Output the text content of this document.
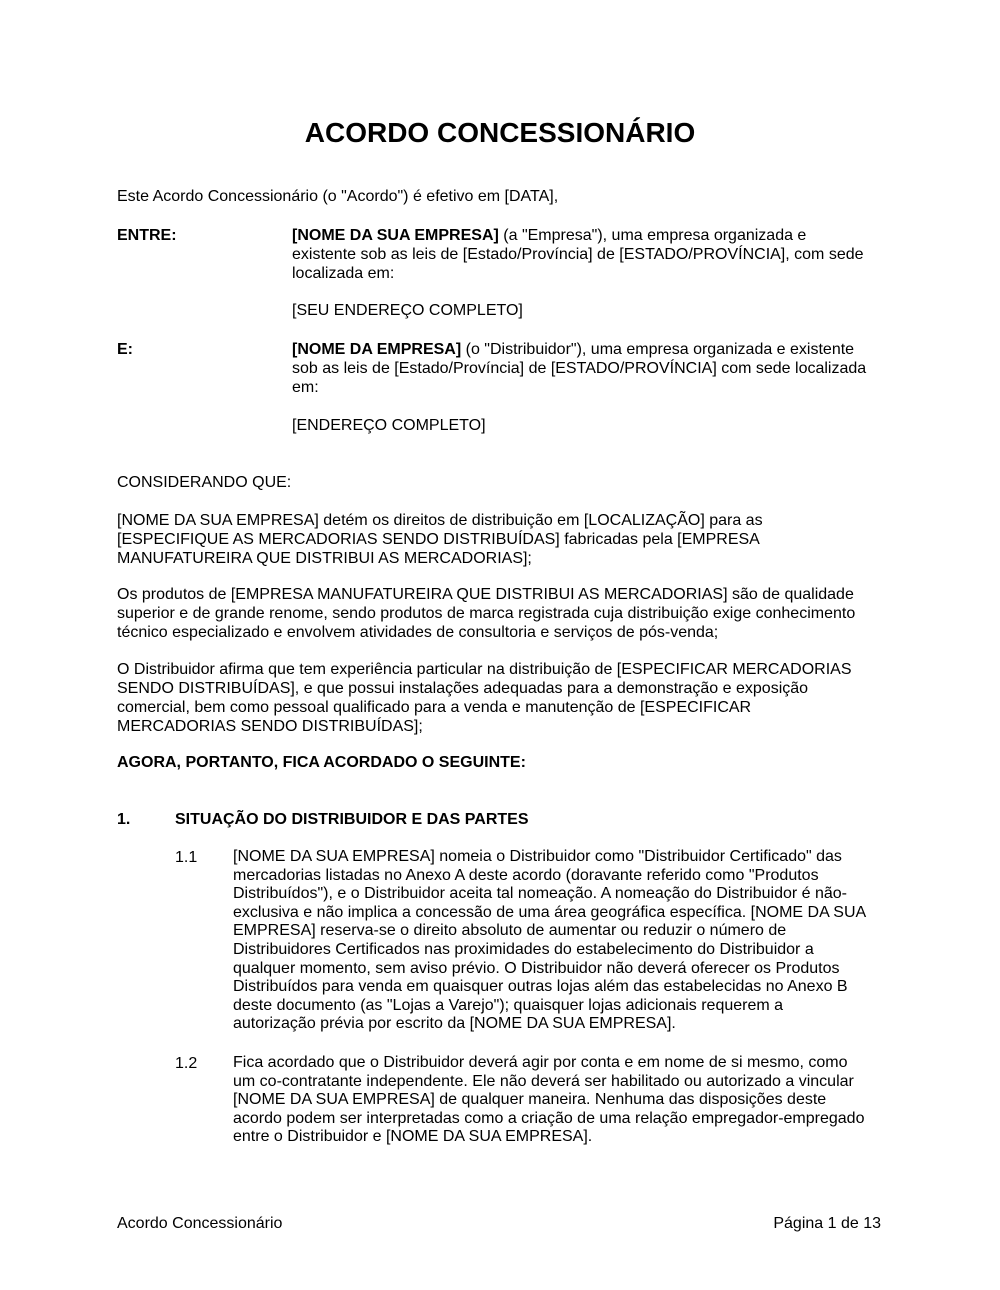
ACORDO CONCESSIONÁRIO
Este Acordo Concessionário (o "Acordo") é efetivo em [DATA],
ENTRE:	[NOME DA SUA EMPRESA] (a "Empresa"), uma empresa organizada e
existente sob as leis de [Estado/Província] de [ESTADO/PROVÍNCIA], com sede
localizada em:
[SEU ENDEREÇO COMPLETO]
E:	[NOME DA EMPRESA] (o "Distribuidor"), uma empresa organizada e existente
sob as leis de [Estado/Província] de [ESTADO/PROVÍNCIA] com sede localizada
em:
[ENDEREÇO COMPLETO]
CONSIDERANDO QUE:
[NOME DA SUA EMPRESA] detém os direitos de distribuição em [LOCALIZAÇÃO] para as
[ESPECIFIQUE AS MERCADORIAS SENDO DISTRIBUÍDAS] fabricadas pela [EMPRESA
MANUFATUREIRA QUE DISTRIBUI AS MERCADORIAS];
Os produtos de [EMPRESA MANUFATUREIRA QUE DISTRIBUI AS MERCADORIAS] são de qualidade
superior e de grande renome, sendo produtos de marca registrada cuja distribuição exige conhecimento
técnico especializado e envolvem atividades de consultoria e serviços de pós-venda;
O Distribuidor afirma que tem experiência particular na distribuição de [ESPECIFICAR MERCADORIAS
SENDO DISTRIBUÍDAS], e que possui instalações adequadas para a demonstração e exposição
comercial, bem como pessoal qualificado para a venda e manutenção de [ESPECIFICAR
MERCADORIAS SENDO DISTRIBUÍDAS];
AGORA, PORTANTO, FICA ACORDADO O SEGUINTE:
1.	SITUAÇÃO DO DISTRIBUIDOR E DAS PARTES
1.1 [NOME DA SUA EMPRESA] nomeia o Distribuidor como "Distribuidor Certificado" das
mercadorias listadas no Anexo A deste acordo (doravante referido como "Produtos
Distribuídos"), e o Distribuidor aceita tal nomeação. A nomeação do Distribuidor é não-
exclusiva e não implica a concessão de uma área geográfica específica. [NOME DA SUA
EMPRESA] reserva-se o direito absoluto de aumentar ou reduzir o número de
Distribuidores Certificados nas proximidades do estabelecimento do Distribuidor a
qualquer momento, sem aviso prévio. O Distribuidor não deverá oferecer os Produtos
Distribuídos para venda em quaisquer outras lojas além das estabelecidas no Anexo B
deste documento (as "Lojas a Varejo"); quaisquer lojas adicionais requerem a
autorização prévia por escrito da [NOME DA SUA EMPRESA].
1.2 Fica acordado que o Distribuidor deverá agir por conta e em nome de si mesmo, como
um co-contratante independente. Ele não deverá ser habilitado ou autorizado a vincular
[NOME DA SUA EMPRESA] de qualquer maneira. Nenhuma das disposições deste
acordo podem ser interpretadas como a criação de uma relação empregador-empregado
entre o Distribuidor e [NOME DA SUA EMPRESA].
Acordo Concessionário	Página 1 de 13
